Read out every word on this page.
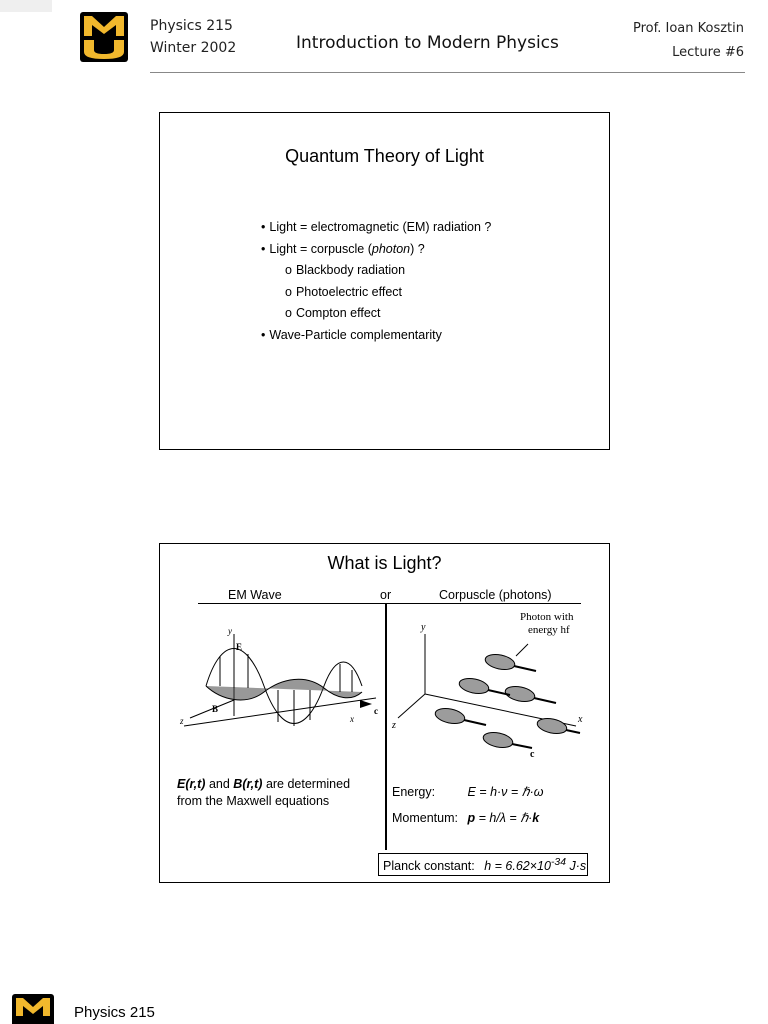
Physics 215
Winter 2002	Introduction to Modern Physics
Prof. Ioan Kosztin
Lecture #6
Quantum Theory of Light
• Light = electromagnetic (EM) radiation ?
• Light = corpuscle (photon) ?
o Blackbody radiation
o Photoelectric effect
o Compton effect
• Wave-Particle complementarity
What is Light?
EM Wave	or	Corpuscle (photons)
y
E
B
z	x
c
y
Photon with
energy hf
z
x
c
E(r,t) and B(r,t) are determined
from the Maxwell equations
Energy:	E = h·ν = ℏ·ω
Momentum: p = h/λ = ℏ·k
Planck constant: $h = 6.62\times 10^{-34}$ J·s
Physics 215
